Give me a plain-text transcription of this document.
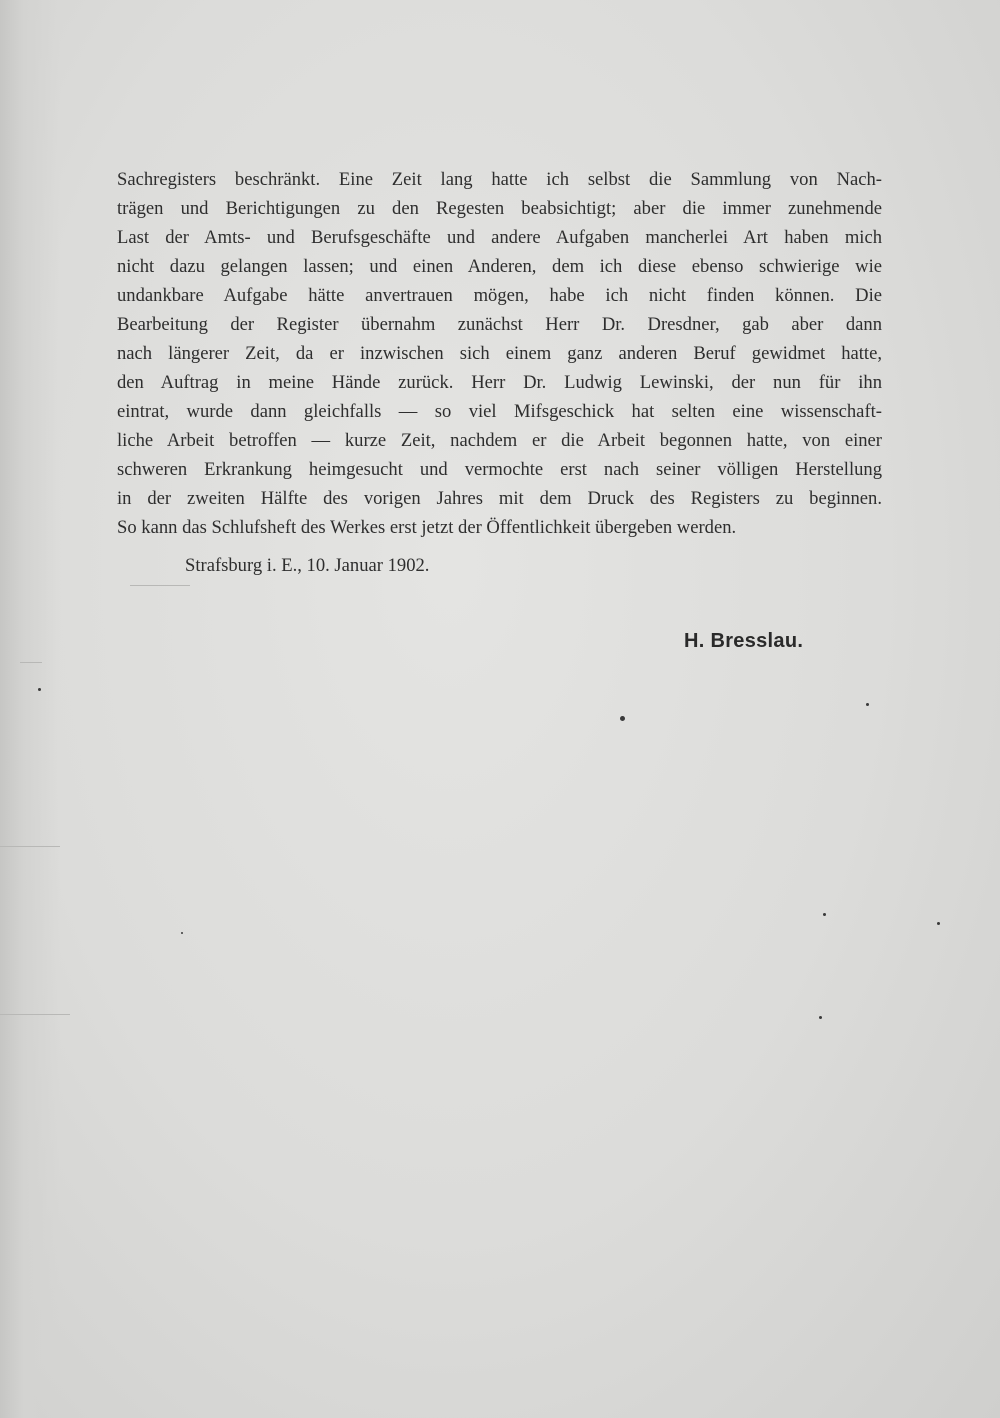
Sachregisters beschränkt. Eine Zeit lang hatte ich selbst die Sammlung von Nach-
trägen und Berichtigungen zu den Regesten beabsichtigt; aber die immer zunehmende
Last der Amts- und Berufsgeschäfte und andere Aufgaben mancherlei Art haben mich
nicht dazu gelangen lassen; und einen Anderen, dem ich diese ebenso schwierige wie
undankbare Aufgabe hätte anvertrauen mögen, habe ich nicht finden können. Die
Bearbeitung der Register übernahm zunächst Herr Dr. Dresdner, gab aber dann
nach längerer Zeit, da er inzwischen sich einem ganz anderen Beruf gewidmet hatte,
den Auftrag in meine Hände zurück. Herr Dr. Ludwig Lewinski, der nun für ihn
eintrat, wurde dann gleichfalls — so viel Mifsgeschick hat selten eine wissenschaft-
liche Arbeit betroffen — kurze Zeit, nachdem er die Arbeit begonnen hatte, von einer
schweren Erkrankung heimgesucht und vermochte erst nach seiner völligen Herstellung
in der zweiten Hälfte des vorigen Jahres mit dem Druck des Registers zu beginnen.
So kann das Schlufsheft des Werkes erst jetzt der Öffentlichkeit übergeben werden.
Strafsburg i. E., 10. Januar 1902.
H. Bresslau.
